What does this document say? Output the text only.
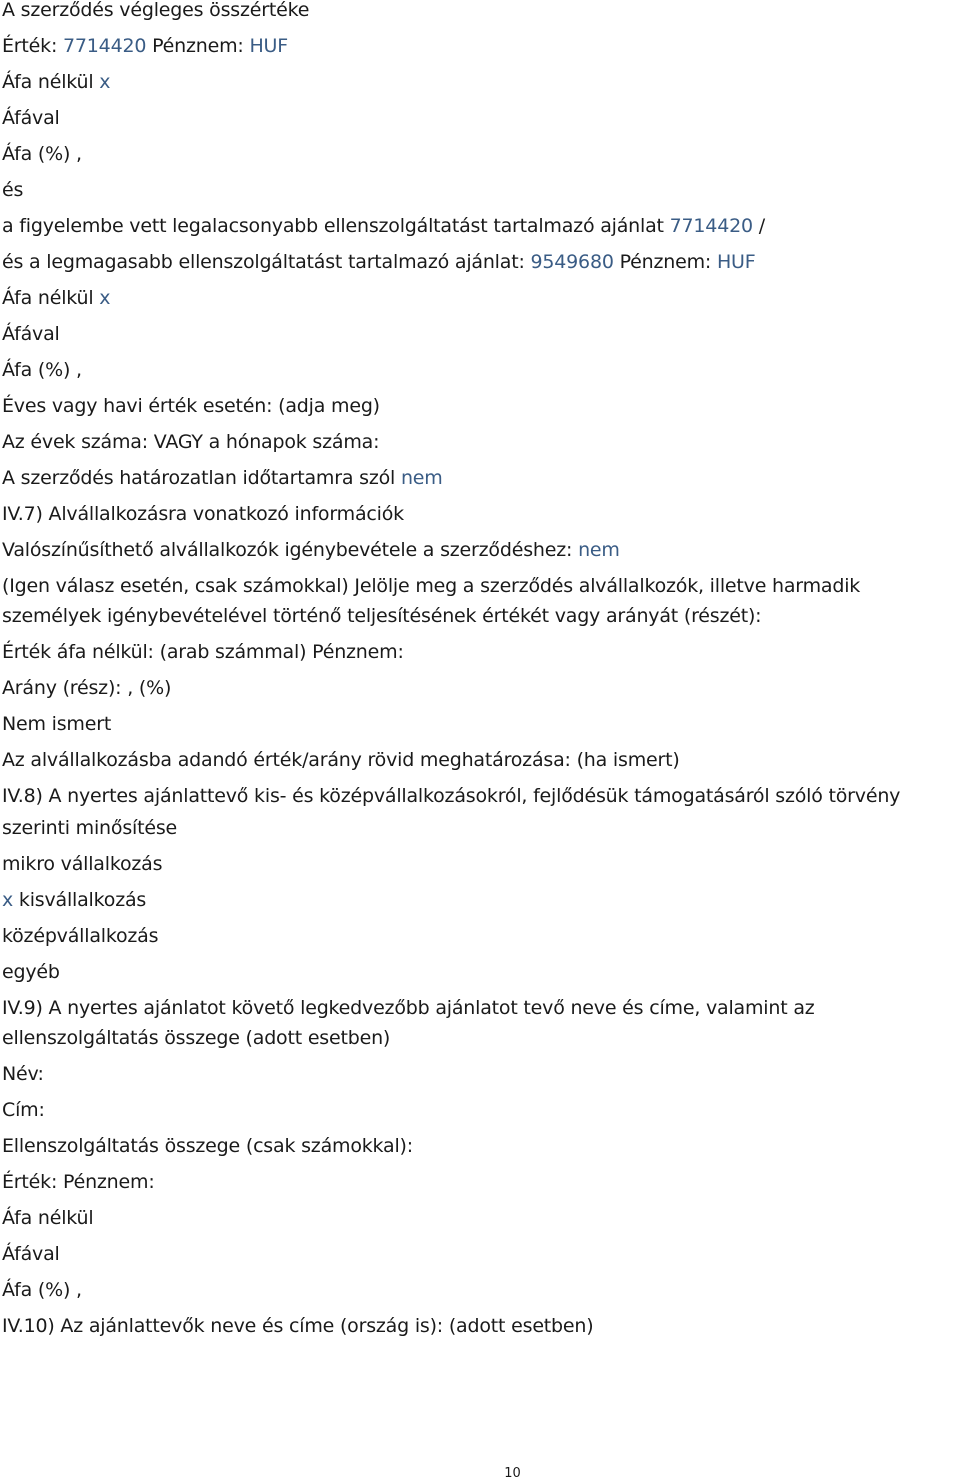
A szerződés végleges összértéke

Érték: 7714420 Pénznem: HUF

Áfa nélkül x

Áfával

Áfa (%) ,

és

a figyelembe vett legalacsonyabb ellenszolgáltatást tartalmazó ajánlat 7714420 /

és a legmagasabb ellenszolgáltatást tartalmazó ajánlat: 9549680 Pénznem: HUF

Áfa nélkül x

Áfával

Áfa (%) ,

Éves vagy havi érték esetén: (adja meg)

Az évek száma: VAGY a hónapok száma:

A szerződés határozatlan időtartamra szól nem

IV.7) Alvállalkozásra vonatkozó információk

Valószínűsíthető alvállalkozók igénybevétele a szerződéshez: nem

(Igen válasz esetén, csak számokkal) Jelölje meg a szerződés alvállalkozók, illetve harmadik

személyek igénybevételével történő teljesítésének értékét vagy arányát (részét):

Érték áfa nélkül: (arab számmal) Pénznem:

Arány (rész): , (%)

Nem ismert

Az alvállalkozásba adandó érték/arány rövid meghatározása: (ha ismert)

IV.8) A nyertes ajánlattevő kis- és középvállalkozásokról, fejlődésük támogatásáról szóló törvény

szerinti minősítése

mikro vállalkozás

x kisvállalkozás

középvállalkozás

egyéb

IV.9) A nyertes ajánlatot követő legkedvezőbb ajánlatot tevő neve és címe, valamint az

ellenszolgáltatás összege (adott esetben)

Név:

Cím:

Ellenszolgáltatás összege (csak számokkal):

Érték: Pénznem:

Áfa nélkül

Áfával

Áfa (%) ,

IV.10) Az ajánlattevők neve és címe (ország is): (adott esetben)

10
